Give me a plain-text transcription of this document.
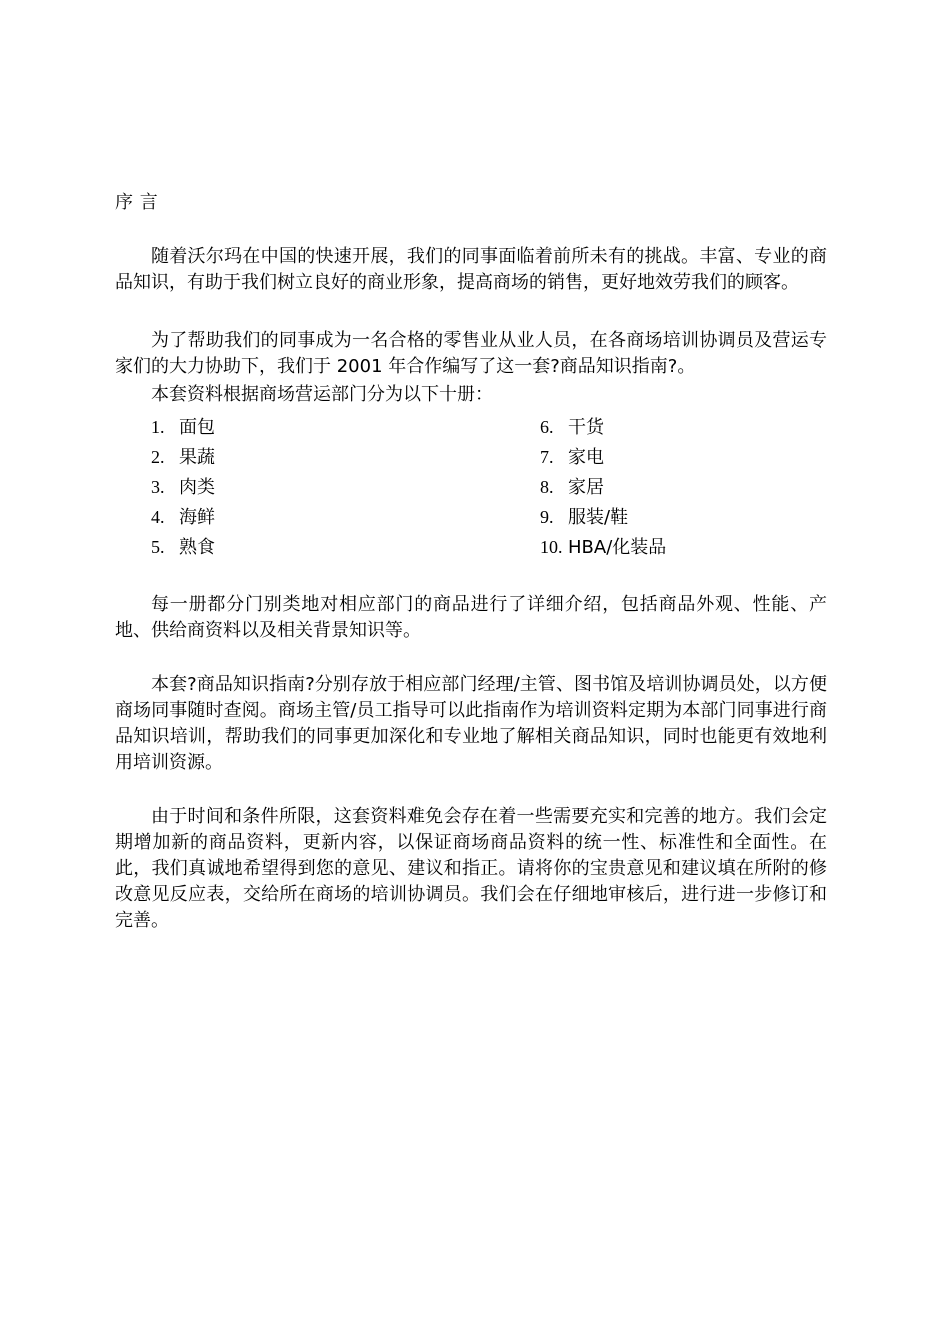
序 言

随着沃尔玛在中国的快速开展，我们的同事面临着前所未有的挑战。丰富、专业的商品知识，有助于我们树立良好的商业形象，提高商场的销售，更好地效劳我们的顾客。

为了帮助我们的同事成为一名合格的零售业从业人员，在各商场培训协调员及营运专家们的大力协助下，我们于 2001 年合作编写了这一套?商品知识指南?。

本套资料根据商场营运部门分为以下十册：

1. 面包
2. 果蔬
3. 肉类
4. 海鲜
5. 熟食
6. 干货
7. 家电
8. 家居
9. 服装/鞋
10. HBA/化装品

每一册都分门别类地对相应部门的商品进行了详细介绍，包括商品外观、性能、产地、供给商资料以及相关背景知识等。

本套?商品知识指南?分别存放于相应部门经理/主管、图书馆及培训协调员处，以方便商场同事随时查阅。商场主管/员工指导可以此指南作为培训资料定期为本部门同事进行商品知识培训，帮助我们的同事更加深化和专业地了解相关商品知识，同时也能更有效地利用培训资源。

由于时间和条件所限，这套资料难免会存在着一些需要充实和完善的地方。我们会定期增加新的商品资料，更新内容，以保证商场商品资料的统一性、标准性和全面性。在此，我们真诚地希望得到您的意见、建议和指正。请将你的宝贵意见和建议填在所附的修改意见反应表，交给所在商场的培训协调员。我们会在仔细地审核后，进行进一步修订和完善。
